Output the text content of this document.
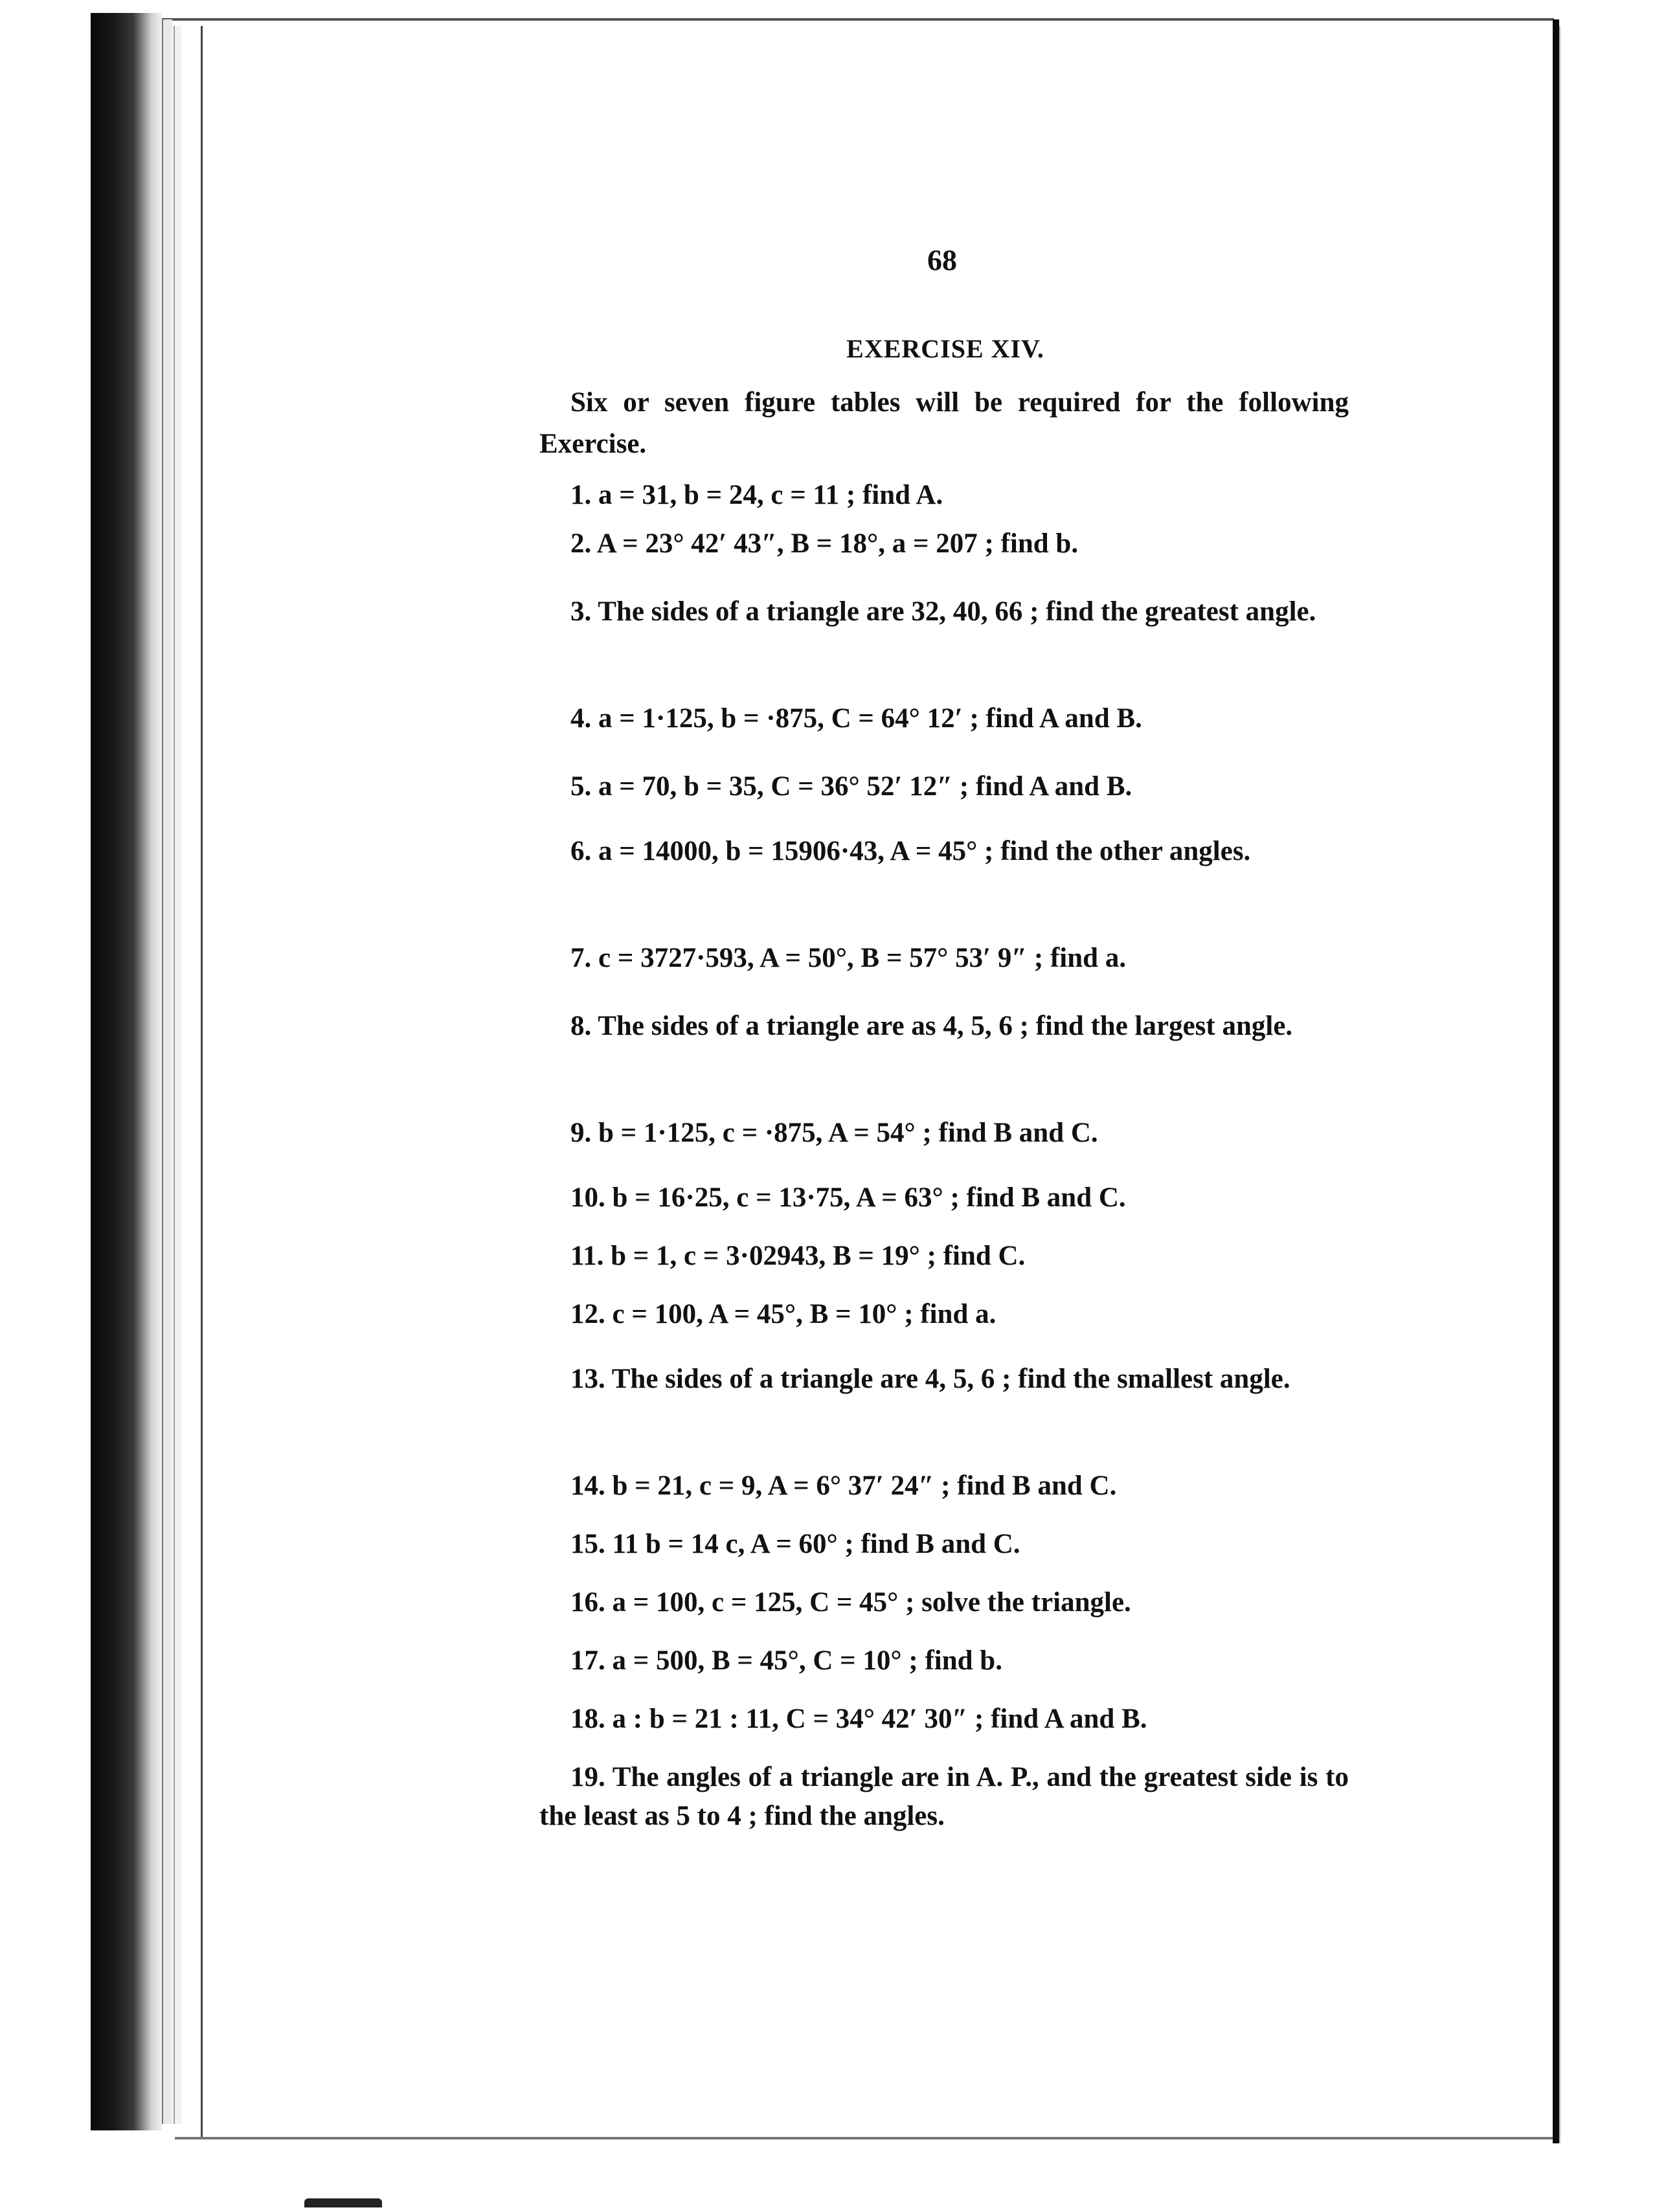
68
EXERCISE XIV.
Six or seven figure tables will be required for the following Exercise.
1. a = 31, b = 24, c = 11 ; find A.
2. A = 23° 42′ 43″, B = 18°, a = 207 ; find b.
3. The sides of a triangle are 32, 40, 66 ; find the greatest angle.
4. a = 1·125, b = ·875, C = 64° 12′ ; find A and B.
5. a = 70, b = 35, C = 36° 52′ 12″ ; find A and B.
6. a = 14000, b = 15906·43, A = 45° ; find the other angles.
7. c = 3727·593, A = 50°, B = 57° 53′ 9″ ; find a.
8. The sides of a triangle are as 4, 5, 6 ; find the largest angle.
9. b = 1·125, c = ·875, A = 54° ; find B and C.
10. b = 16·25, c = 13·75, A = 63° ; find B and C.
11. b = 1, c = 3·02943, B = 19° ; find C.
12. c = 100, A = 45°, B = 10° ; find a.
13. The sides of a triangle are 4, 5, 6 ; find the smallest angle.
14. b = 21, c = 9, A = 6° 37′ 24″ ; find B and C.
15. 11 b = 14 c, A = 60° ; find B and C.
16. a = 100, c = 125, C = 45° ; solve the triangle.
17. a = 500, B = 45°, C = 10° ; find b.
18. a : b = 21 : 11, C = 34° 42′ 30″ ; find A and B.
19. The angles of a triangle are in A. P., and the greatest side is to the least as 5 to 4 ; find the angles.
